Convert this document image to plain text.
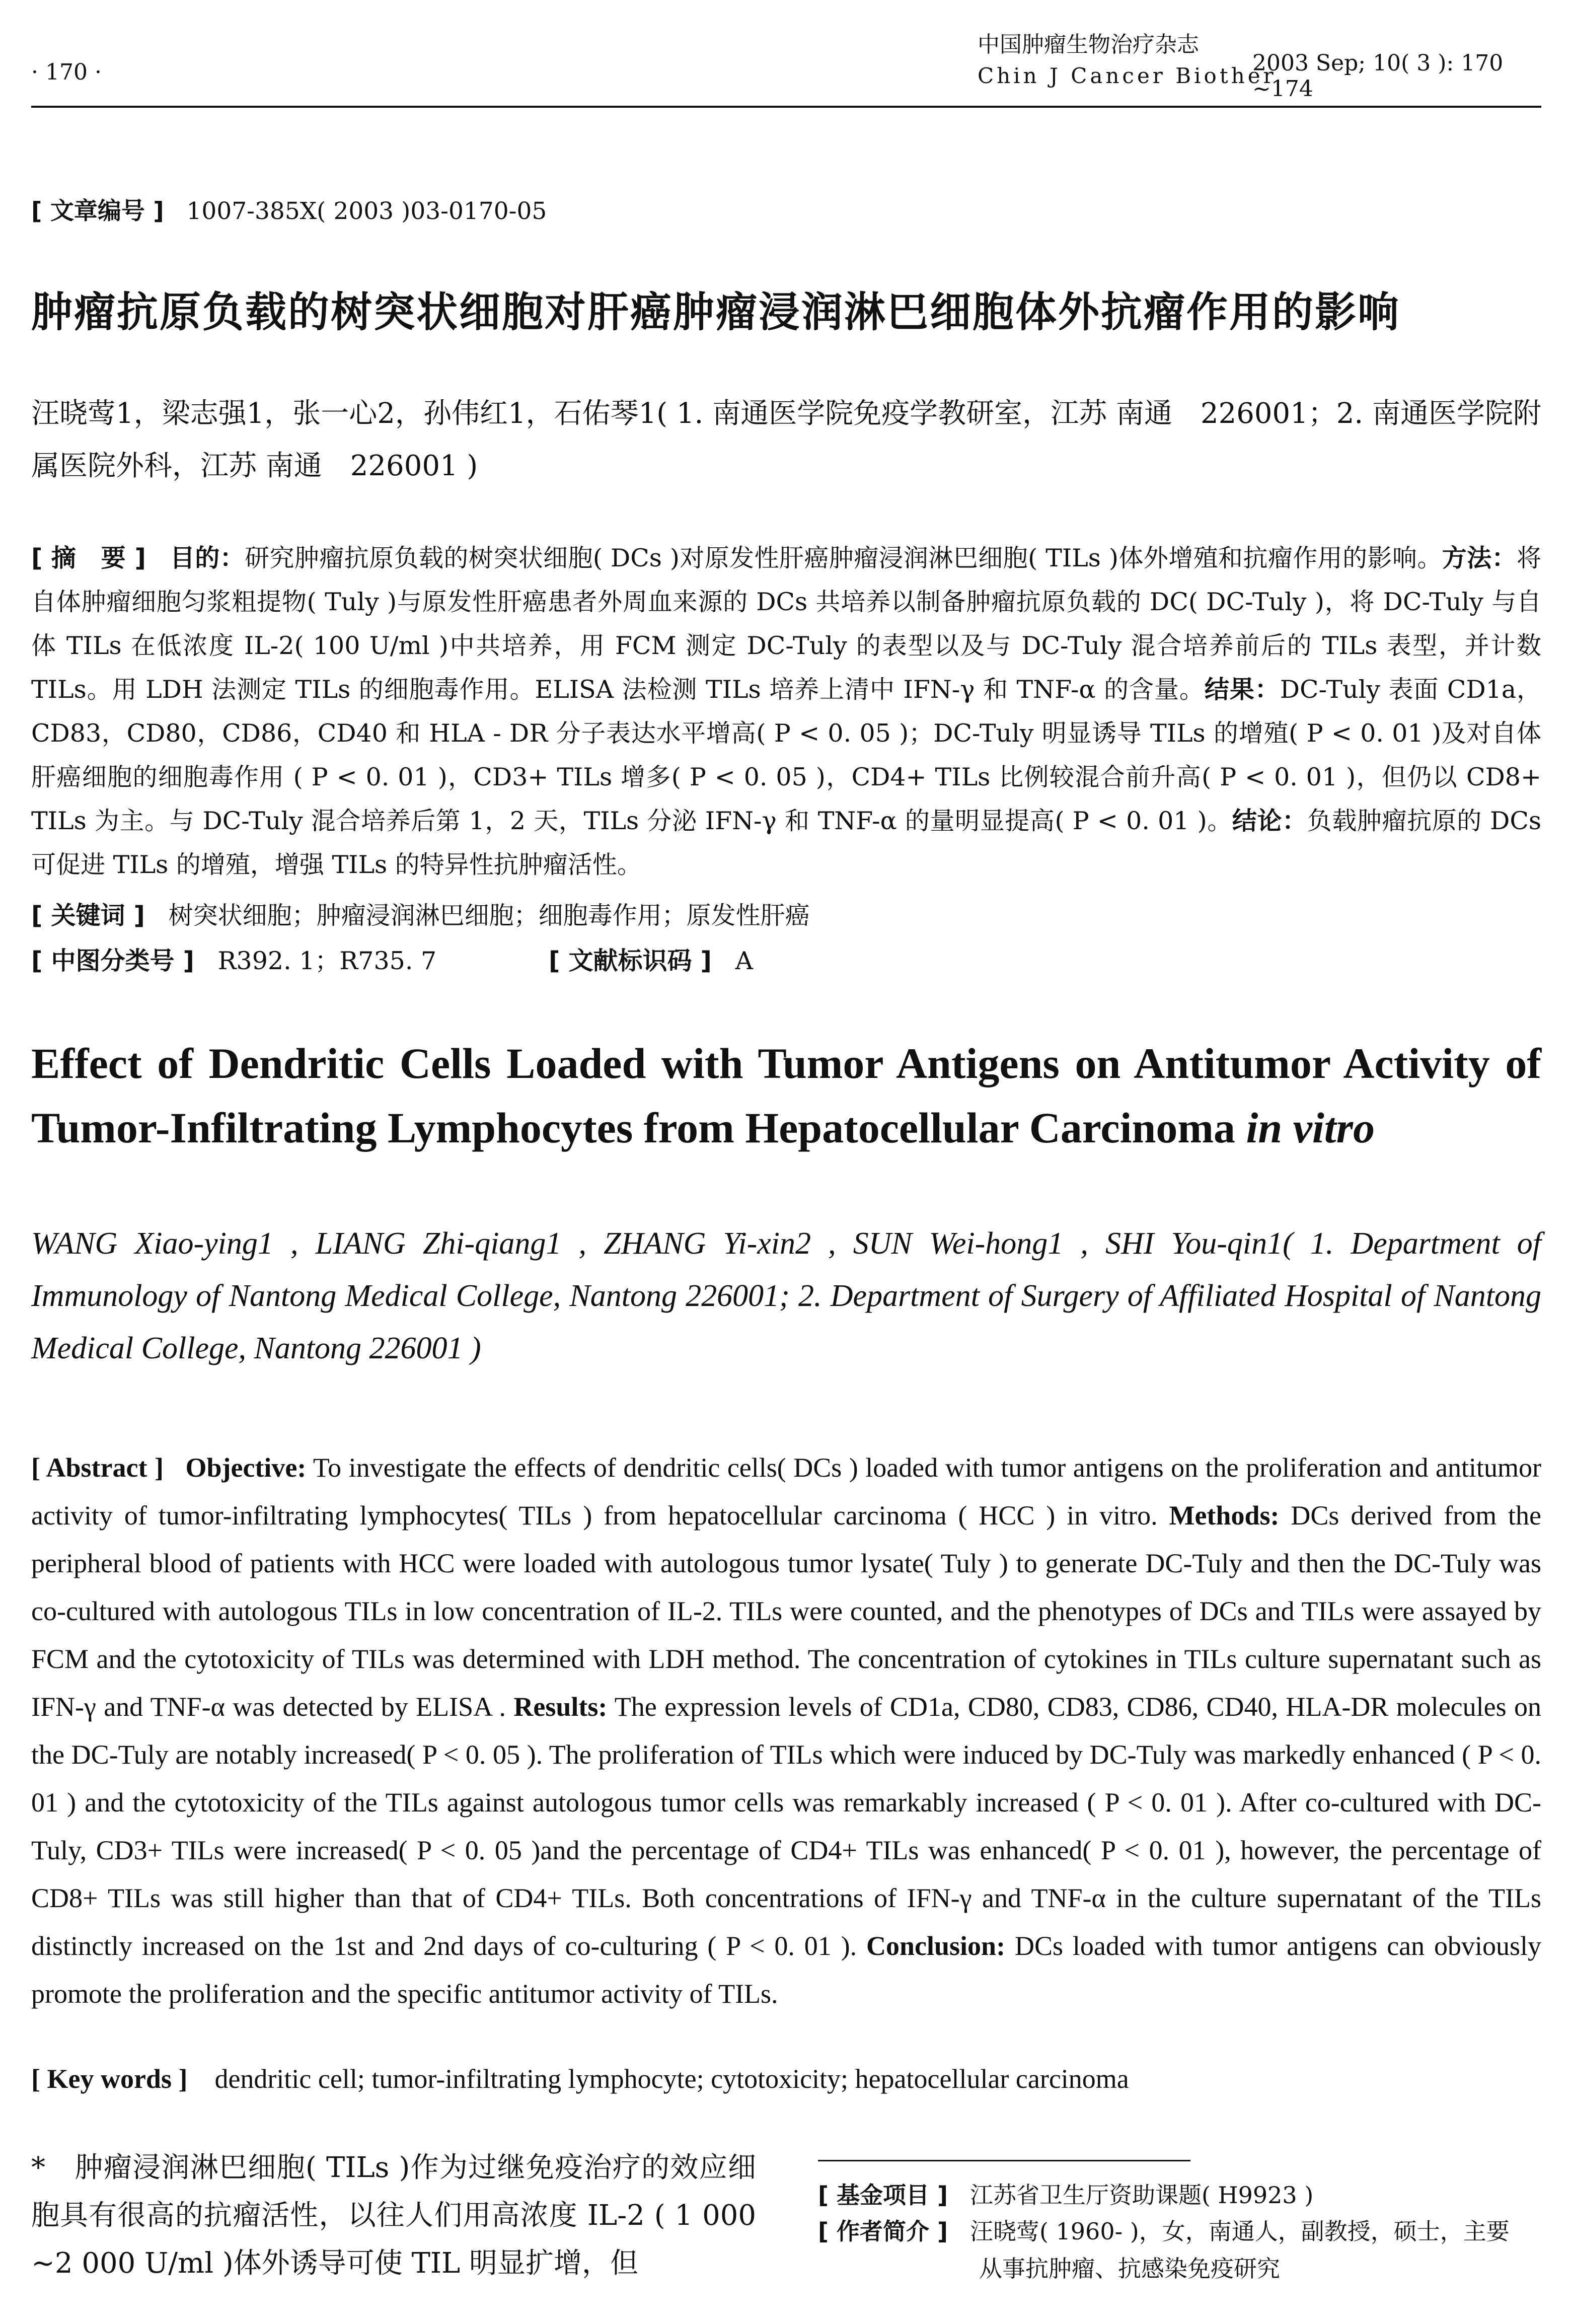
· 170 ·
中国肿瘤生物治疗杂志
Chin J Cancer Biother
2003 Sep; 10( 3 ): 170 ~174
[ 文章编号 ] 1007-385X( 2003 )03-0170-05
肿瘤抗原负载的树突状细胞对肝癌肿瘤浸润淋巴细胞体外抗瘤作用的影响
汪晓莺1，梁志强1，张一心2，孙伟红1，石佑琴1( 1. 南通医学院免疫学教研室，江苏 南通　226001；2. 南通医学院附属医院外科，江苏 南通　226001 )
[ 摘　要 ] 目的：研究肿瘤抗原负载的树突状细胞( DCs )对原发性肝癌肿瘤浸润淋巴细胞( TILs )体外增殖和抗瘤作用的影响。方法：将自体肿瘤细胞匀浆粗提物( Tuly )与原发性肝癌患者外周血来源的 DCs 共培养以制备肿瘤抗原负载的 DC( DC-Tuly )，将 DC-Tuly 与自体 TILs 在低浓度 IL-2( 100 U/ml )中共培养，用 FCM 测定 DC-Tuly 的表型以及与 DC-Tuly 混合培养前后的 TILs 表型，并计数 TILs。用 LDH 法测定 TILs 的细胞毒作用。ELISA 法检测 TILs 培养上清中 IFN-γ 和 TNF-α 的含量。结果：DC-Tuly 表面 CD1a，CD83，CD80，CD86，CD40 和 HLA - DR 分子表达水平增高( P < 0. 05 )；DC-Tuly 明显诱导 TILs 的增殖( P < 0. 01 )及对自体肝癌细胞的细胞毒作用 ( P < 0. 01 )，CD3+ TILs 增多( P < 0. 05 )，CD4+ TILs 比例较混合前升高( P < 0. 01 )，但仍以 CD8+ TILs 为主。与 DC-Tuly 混合培养后第 1，2 天，TILs 分泌 IFN-γ 和 TNF-α 的量明显提高( P < 0. 01 )。结论：负载肿瘤抗原的 DCs 可促进 TILs 的增殖，增强 TILs 的特异性抗肿瘤活性。
[ 关键词 ] 树突状细胞；肿瘤浸润淋巴细胞；细胞毒作用；原发性肝癌
[ 中图分类号 ] R392. 1；R735. 7	[ 文献标识码 ] A
Effect of Dendritic Cells Loaded with Tumor Antigens on Antitumor Activity of Tumor-Infiltrating Lymphocytes from Hepatocellular Carcinoma in vitro
WANG Xiao-ying1 , LIANG Zhi-qiang1 , ZHANG Yi-xin2 , SUN Wei-hong1 , SHI You-qin1( 1. Department of Immunology of Nantong Medical College, Nantong 226001; 2. Department of Surgery of Affiliated Hospital of Nantong Medical College, Nantong 226001 )
[ Abstract ] Objective: To investigate the effects of dendritic cells( DCs ) loaded with tumor antigens on the proliferation and antitumor activity of tumor-infiltrating lymphocytes( TILs ) from hepatocellular carcinoma ( HCC ) in vitro. Methods: DCs derived from the peripheral blood of patients with HCC were loaded with autologous tumor lysate( Tuly ) to generate DC-Tuly and then the DC-Tuly was co-cultured with autologous TILs in low concentration of IL-2. TILs were counted, and the phenotypes of DCs and TILs were assayed by FCM and the cytotoxicity of TILs was determined with LDH method. The concentration of cytokines in TILs culture supernatant such as IFN-γ and TNF-α was detected by ELISA . Results: The expression levels of CD1a, CD80, CD83, CD86, CD40, HLA-DR molecules on the DC-Tuly are notably increased( P < 0. 05 ). The proliferation of TILs which were induced by DC-Tuly was markedly enhanced ( P < 0. 01 ) and the cytotoxicity of the TILs against autologous tumor cells was remarkably increased ( P < 0. 01 ). After co-cultured with DC-Tuly, CD3+ TILs were increased( P < 0. 05 )and the percentage of CD4+ TILs was enhanced( P < 0. 01 ), however, the percentage of CD8+ TILs was still higher than that of CD4+ TILs. Both concentrations of IFN-γ and TNF-α in the culture supernatant of the TILs distinctly increased on the 1st and 2nd days of co-culturing ( P < 0. 01 ). Conclusion: DCs loaded with tumor antigens can obviously promote the proliferation and the specific antitumor activity of TILs.
[ Key words ] dendritic cell; tumor-infiltrating lymphocyte; cytotoxicity; hepatocellular carcinoma
*　肿瘤浸润淋巴细胞( TILs )作为过继免疫治疗的效应细胞具有很高的抗瘤活性，以往人们用高浓度 IL-2 ( 1 000 ~2 000 U/ml )体外诱导可使 TIL 明显扩增，但
[ 基金项目 ] 江苏省卫生厅资助课题( H9923 )
[ 作者简介 ] 汪晓莺( 1960- )，女，南通人，副教授，硕士，主要
从事抗肿瘤、抗感染免疫研究
